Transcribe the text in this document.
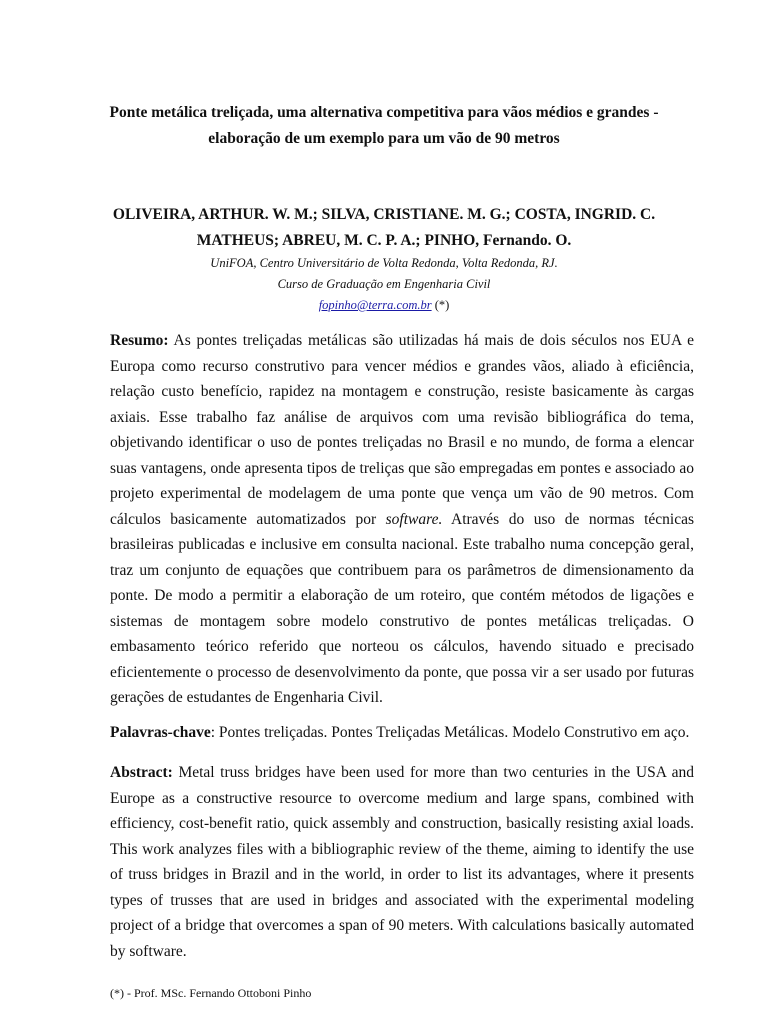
Ponte metálica treliçada, uma alternativa competitiva para vãos médios e grandes -
elaboração de um exemplo para um vão de 90 metros
OLIVEIRA, ARTHUR. W. M.; SILVA, CRISTIANE. M. G.; COSTA, INGRID. C.
MATHEUS; ABREU, M. C. P. A.; PINHO, Fernando. O.
UniFOA, Centro Universitário de Volta Redonda, Volta Redonda, RJ.
Curso de Graduação em Engenharia Civil
fopinho@terra.com.br (*)
Resumo: As pontes treliçadas metálicas são utilizadas há mais de dois séculos nos EUA e Europa como recurso construtivo para vencer médios e grandes vãos, aliado à eficiência, relação custo benefício, rapidez na montagem e construção, resiste basicamente às cargas axiais. Esse trabalho faz análise de arquivos com uma revisão bibliográfica do tema, objetivando identificar o uso de pontes treliçadas no Brasil e no mundo, de forma a elencar suas vantagens, onde apresenta tipos de treliças que são empregadas em pontes e associado ao projeto experimental de modelagem de uma ponte que vença um vão de 90 metros. Com cálculos basicamente automatizados por software. Através do uso de normas técnicas brasileiras publicadas e inclusive em consulta nacional. Este trabalho numa concepção geral, traz um conjunto de equações que contribuem para os parâmetros de dimensionamento da ponte. De modo a permitir a elaboração de um roteiro, que contém métodos de ligações e sistemas de montagem sobre modelo construtivo de pontes metálicas treliçadas. O embasamento teórico referido que norteou os cálculos, havendo situado e precisado eficientemente o processo de desenvolvimento da ponte, que possa vir a ser usado por futuras gerações de estudantes de Engenharia Civil.
Palavras-chave: Pontes treliçadas. Pontes Treliçadas Metálicas. Modelo Construtivo em aço.
Abstract: Metal truss bridges have been used for more than two centuries in the USA and Europe as a constructive resource to overcome medium and large spans, combined with efficiency, cost-benefit ratio, quick assembly and construction, basically resisting axial loads. This work analyzes files with a bibliographic review of the theme, aiming to identify the use of truss bridges in Brazil and in the world, in order to list its advantages, where it presents types of trusses that are used in bridges and associated with the experimental modeling project of a bridge that overcomes a span of 90 meters. With calculations basically automated by software.
(*) - Prof. MSc. Fernando Ottoboni Pinho
